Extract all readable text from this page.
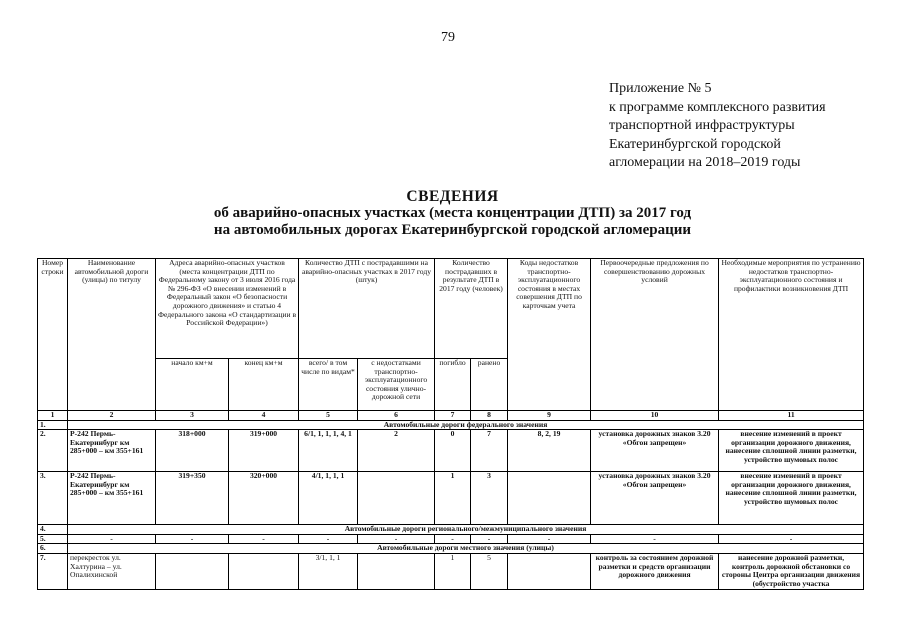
79
Приложение № 5
к программе комплексного развития
транспортной инфраструктуры
Екатеринбургской городской
агломерации на 2018–2019 годы
СВЕДЕНИЯ
об аварийно-опасных участках (места концентрации ДТП) за 2017 год
на автомобильных дорогах Екатеринбургской городской агломерации
Номер строки	Наименование автомобильной дороги (улицы) по титулу	Адреса аварийно-опасных участков (места концентрации ДТП по Федеральному закону от 3 июля 2016 года № 296-ФЗ «О внесении изменений в Федеральный закон «О безопасности дорожного движения» и статью 4 Федерального закона «О стандартизации в Российской Федерации»)		Количество ДТП с пострадавшими на аварийно-опасных участках в 2017 году (штук)		Количество пострадавших в результате ДТП в 2017 году (человек)		Коды недостатков транспортно-эксплуатационного состояния в местах совершения ДТП по карточкам учета	Первоочередные предложения по совершенствованию дорожных условий	Необходимые мероприятия по устранению недостатков транспортно-эксплуатационного состояния и профилактики возникновения ДТП
		начало км+м	конец км+м	всего/ в том числе по видам*	с недостатками транспортно-эксплуатационного состояния улично-дорожной сети	погибло	ранено			
1	2	3	4	5	6	7	8	9	10	11
1.	Автомобильные дороги федерального значения									
2.	Р-242 Пермь-Екатеринбург км 285+000 – км 355+161	318+000	319+000	6/1, 1, 1, 1, 4, 1	2	0	7	8, 2, 19	установка дорожных знаков 3.20 «Обгон запрещен»	внесение изменений в проект организации дорожного движения, нанесение сплошной линии разметки, устройство шумовых полос
3.	Р-242 Пермь-Екатеринбург км 285+000 – км 355+161	319+350	320+000	4/1, 1, 1, 1		1	3		установка дорожных знаков 3.20 «Обгон запрещен»	внесение изменений в проект организации дорожного движения, нанесение сплошной линии разметки, устройство шумовых полос
4.	Автомобильные дороги регионального/межмуниципального значения									
5.	-	-	-	-	-	-	-	-	-	-
6.	Автомобильные дороги местного значения (улицы)									
7.	перекресток ул. Халтурина – ул. Опалихинской			3/1, 1, 1		1	5		контроль за состоянием дорожной разметки и средств организации дорожного движения	нанесение дорожной разметки, контроль дорожной обстановки со стороны Центра организации движения (обустройство участка
